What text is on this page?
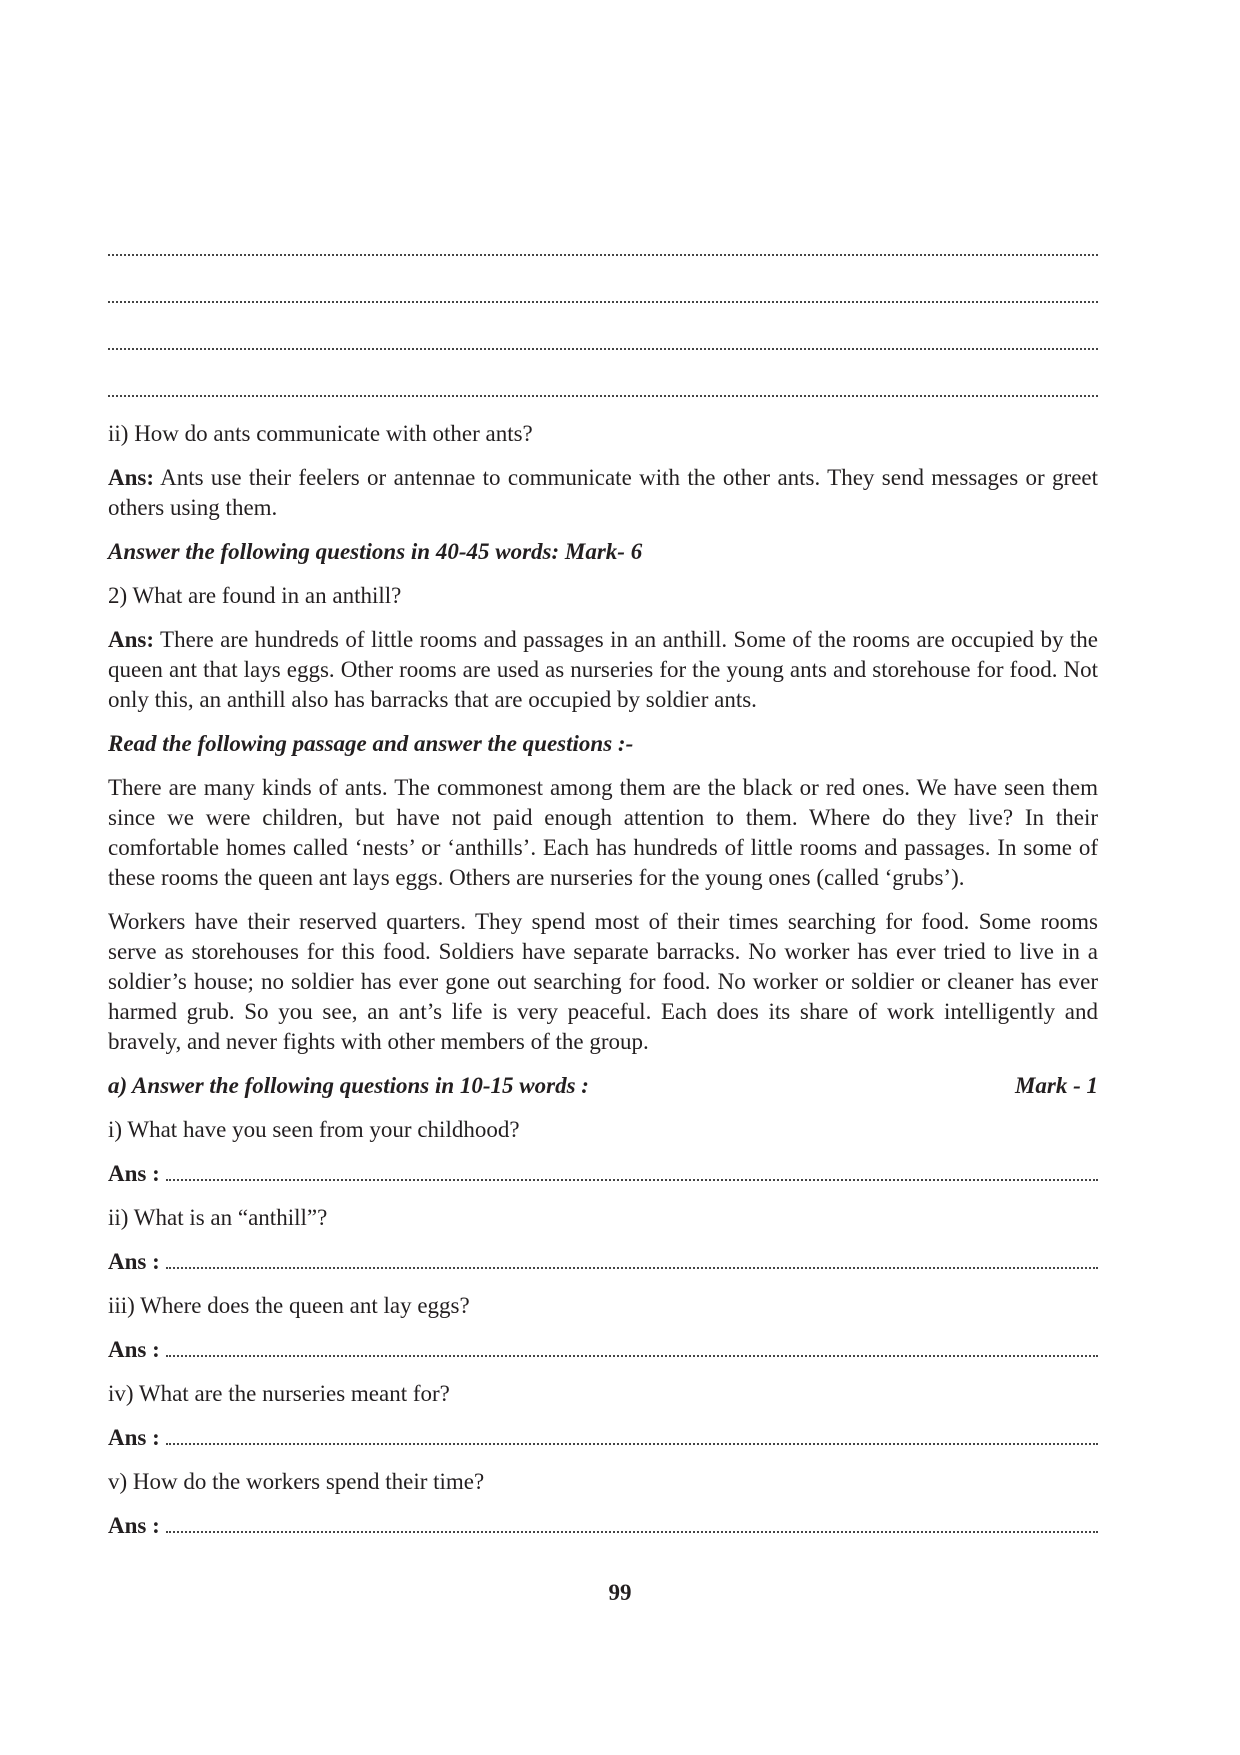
ii) How do ants communicate with other ants?

Ans: Ants use their feelers or antennae to communicate with the other ants. They send messages or greet others using them.

Answer the following questions in 40-45 words: Mark- 6

2) What are found in an anthill?

Ans: There are hundreds of little rooms and passages in an anthill. Some of the rooms are occupied by the queen ant that lays eggs. Other rooms are used as nurseries for the young ants and storehouse for food. Not only this, an anthill also has barracks that are occupied by soldier ants.

Read the following passage and answer the questions :-

There are many kinds of ants. The commonest among them are the black or red ones. We have seen them since we were children, but have not paid enough attention to them. Where do they live? In their comfortable homes called ‘nests’ or ‘anthills’. Each has hundreds of little rooms and passages. In some of these rooms the queen ant lays eggs. Others are nurseries for the young ones (called ‘grubs’).

Workers have their reserved quarters. They spend most of their times searching for food. Some rooms serve as storehouses for this food. Soldiers have separate barracks. No worker has ever tried to live in a soldier’s house; no soldier has ever gone out searching for food. No worker or soldier or cleaner has ever harmed grub. So you see, an ant’s life is very peaceful. Each does its share of work intelligently and bravely, and never fights with other members of the group.

a) Answer the following questions in 10-15 words :	Mark - 1

i) What have you seen from your childhood?

Ans :

ii) What is an “anthill”?

Ans :

iii) Where does the queen ant lay eggs?

Ans :

iv) What are the nurseries meant for?

Ans :

v) How do the workers spend their time?

Ans :
99
